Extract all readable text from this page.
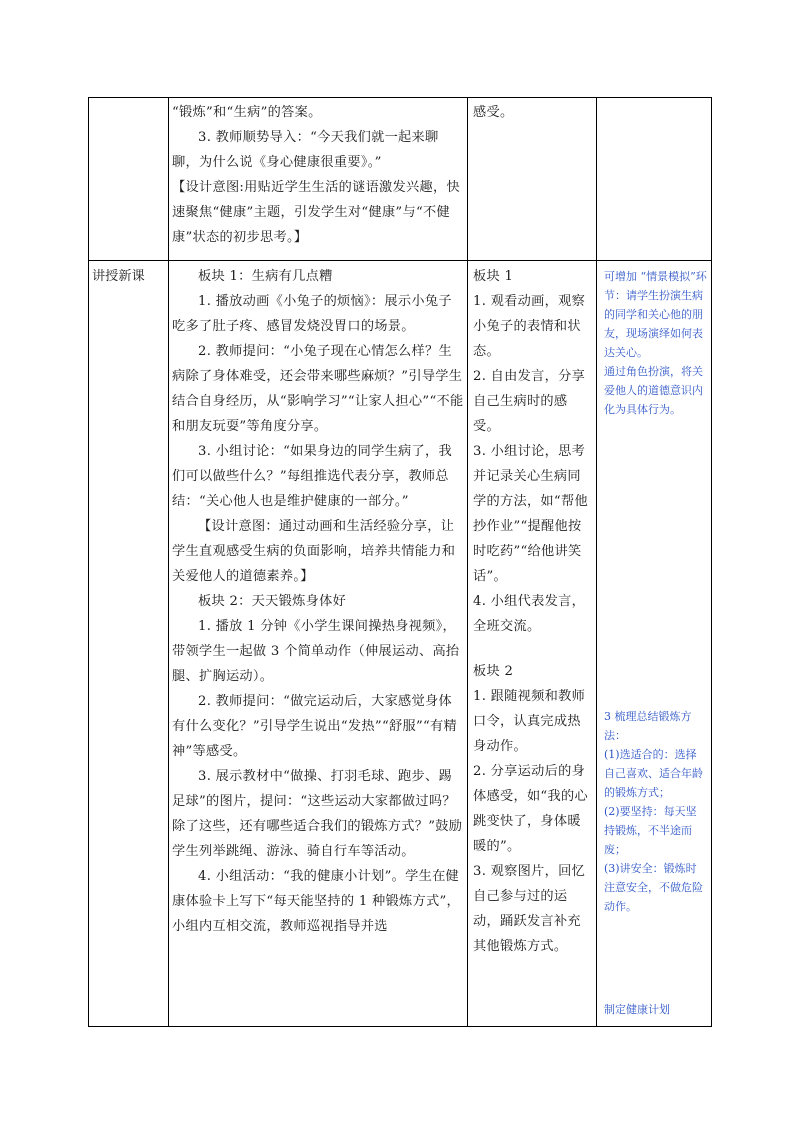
“锻炼”和“生病”的答案。

3. 教师顺势导入：“今天我们就一起来聊聊，为什么说《身心健康很重要》。”

【设计意图:用贴近学生生活的谜语激发兴趣，快速聚焦“健康”主题，引发学生对“健康”与“不健康”状态的初步思考。】

感受。

讲授新课	板块 1：生病有几点糟

1. 播放动画《小兔子的烦恼》：展示小兔子吃多了肚子疼、感冒发烧没胃口的场景。

2. 教师提问：“小兔子现在心情怎么样？生病除了身体难受，还会带来哪些麻烦？”引导学生结合自身经历，从“影响学习”“让家人担心”“不能和朋友玩耍”等角度分享。

3. 小组讨论：“如果身边的同学生病了，我们可以做些什么？”每组推选代表分享，教师总结：“关心他人也是维护健康的一部分。”

【设计意图：通过动画和生活经验分享，让学生直观感受生病的负面影响，培养共情能力和关爱他人的道德素养。】

板块 2：天天锻炼身体好

1. 播放 1 分钟《小学生课间操热身视频》，带领学生一起做 3 个简单动作（伸展运动、高抬腿、扩胸运动）。

2. 教师提问：“做完运动后，大家感觉身体有什么变化？”引导学生说出“发热”“舒服”“有精神”等感受。

3. 展示教材中“做操、打羽毛球、跑步、踢足球”的图片，提问：“这些运动大家都做过吗？除了这些，还有哪些适合我们的锻炼方式？”鼓励学生列举跳绳、游泳、骑自行车等活动。

4. 小组活动：“我的健康小计划”。学生在健康体验卡上写下“每天能坚持的 1 种锻炼方式”，小组内互相交流，教师巡视指导并选

板块 1

1. 观看动画，观察小兔子的表情和状态。

2. 自由发言，分享自己生病时的感受。

3. 小组讨论，思考并记录关心生病同学的方法，如“帮他抄作业”“提醒他按时吃药”“给他讲笑话”。

4. 小组代表发言，全班交流。

板块 2

1. 跟随视频和教师口令，认真完成热身动作。

2. 分享运动后的身体感受，如“我的心跳变快了，身体暖暖的”。

3. 观察图片，回忆自己参与过的运动，踊跃发言补充其他锻炼方式。

可增加 “情景模拟”环节：请学生扮演生病的同学和关心他的朋友，现场演绎如何表达关心。

通过角色扮演，将关爱他人的道德意识内化为具体行为。

3 梳理总结锻炼方法：

(1)选适合的：选择自己喜欢、适合年龄的锻炼方式；

(2)要坚持：每天坚持锻炼，不半途而废；

(3)讲安全：锻炼时注意安全，不做危险动作。

制定健康计划
